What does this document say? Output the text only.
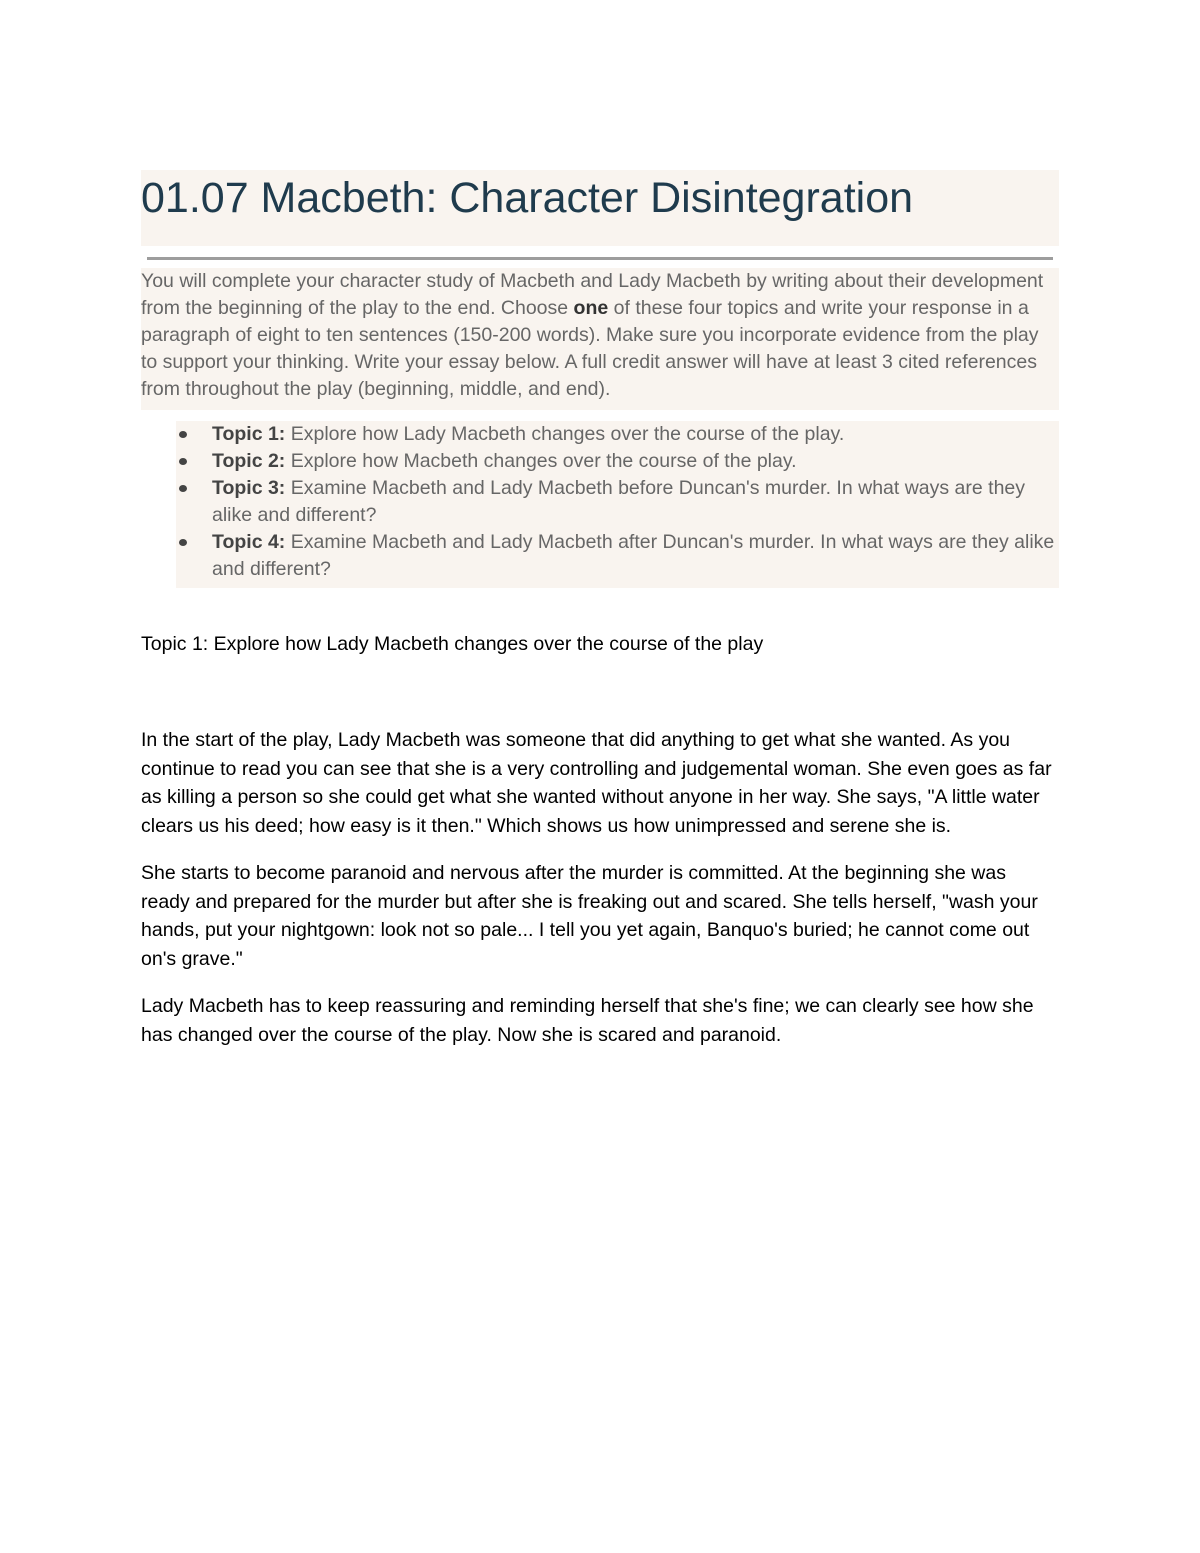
01.07 Macbeth: Character Disintegration

You will complete your character study of Macbeth and Lady Macbeth by writing about their development from the beginning of the play to the end. Choose one of these four topics and write your response in a paragraph of eight to ten sentences (150-200 words). Make sure you incorporate evidence from the play to support your thinking. Write your essay below. A full credit answer will have at least 3 cited references from throughout the play (beginning, middle, and end).

Topic 1: Explore how Lady Macbeth changes over the course of the play.
Topic 2: Explore how Macbeth changes over the course of the play.
Topic 3: Examine Macbeth and Lady Macbeth before Duncan's murder. In what ways are they alike and different?
Topic 4: Examine Macbeth and Lady Macbeth after Duncan's murder. In what ways are they alike and different?

Topic 1: Explore how Lady Macbeth changes over the course of the play

In the start of the play, Lady Macbeth was someone that did anything to get what she wanted. As you continue to read you can see that she is a very controlling and judgemental woman. She even goes as far as killing a person so she could get what she wanted without anyone in her way. She says, "A little water clears us his deed; how easy is it then." Which shows us how unimpressed and serene she is.

She starts to become paranoid and nervous after the murder is committed. At the beginning she was ready and prepared for the murder but after she is freaking out and scared. She tells herself, "wash your hands, put your nightgown: look not so pale... I tell you yet again, Banquo's buried; he cannot come out on's grave."

Lady Macbeth has to keep reassuring and reminding herself that she's fine; we can clearly see how she has changed over the course of the play. Now she is scared and paranoid.
